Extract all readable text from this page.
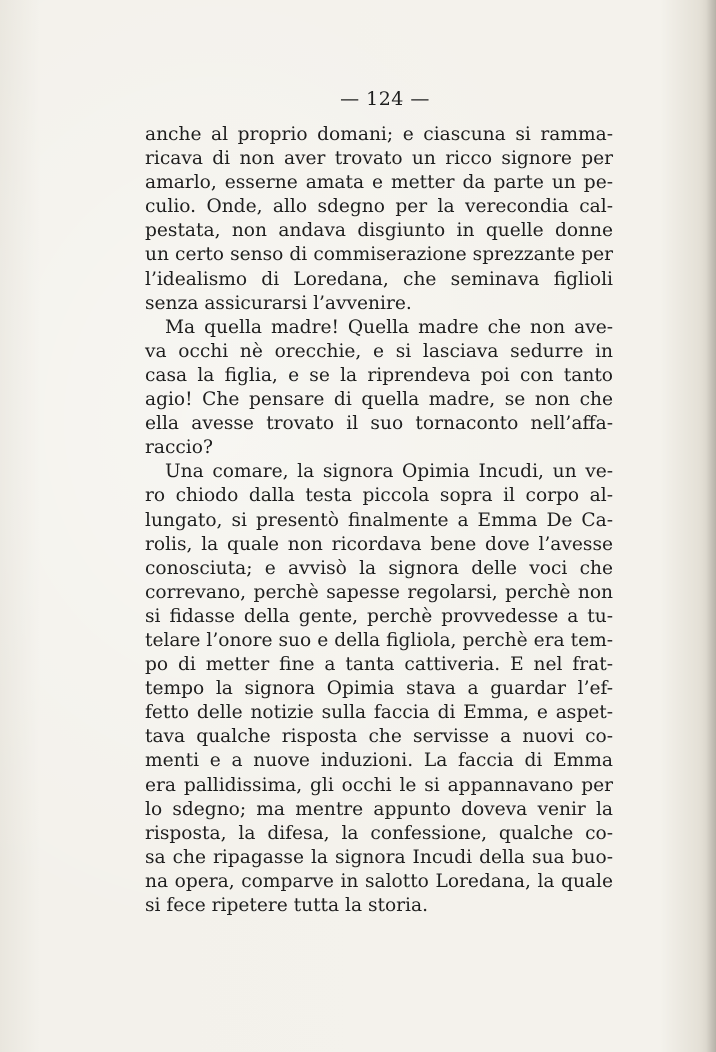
— 124 —
anche al proprio domani; e ciascuna si ramma-
ricava di non aver trovato un ricco signore per
amarlo, esserne amata e metter da parte un pe-
culio. Onde, allo sdegno per la verecondia cal-
pestata, non andava disgiunto in quelle donne
un certo senso di commiserazione sprezzante per
l’idealismo di Loredana, che seminava figlioli
senza assicurarsi l’avvenire.
Ma quella madre! Quella madre che non ave-
va occhi nè orecchie, e si lasciava sedurre in
casa la figlia, e se la riprendeva poi con tanto
agio! Che pensare di quella madre, se non che
ella avesse trovato il suo tornaconto nell’affa-
raccio?
Una comare, la signora Opimia Incudi, un ve-
ro chiodo dalla testa piccola sopra il corpo al-
lungato, si presentò finalmente a Emma De Ca-
rolis, la quale non ricordava bene dove l’avesse
conosciuta; e avvisò la signora delle voci che
correvano, perchè sapesse regolarsi, perchè non
si fidasse della gente, perchè provvedesse a tu-
telare l’onore suo e della figliola, perchè era tem-
po di metter fine a tanta cattiveria. E nel frat-
tempo la signora Opimia stava a guardar l’ef-
fetto delle notizie sulla faccia di Emma, e aspet-
tava qualche risposta che servisse a nuovi co-
menti e a nuove induzioni. La faccia di Emma
era pallidissima, gli occhi le si appannavano per
lo sdegno; ma mentre appunto doveva venir la
risposta, la difesa, la confessione, qualche co-
sa che ripagasse la signora Incudi della sua buo-
na opera, comparve in salotto Loredana, la quale
si fece ripetere tutta la storia.
